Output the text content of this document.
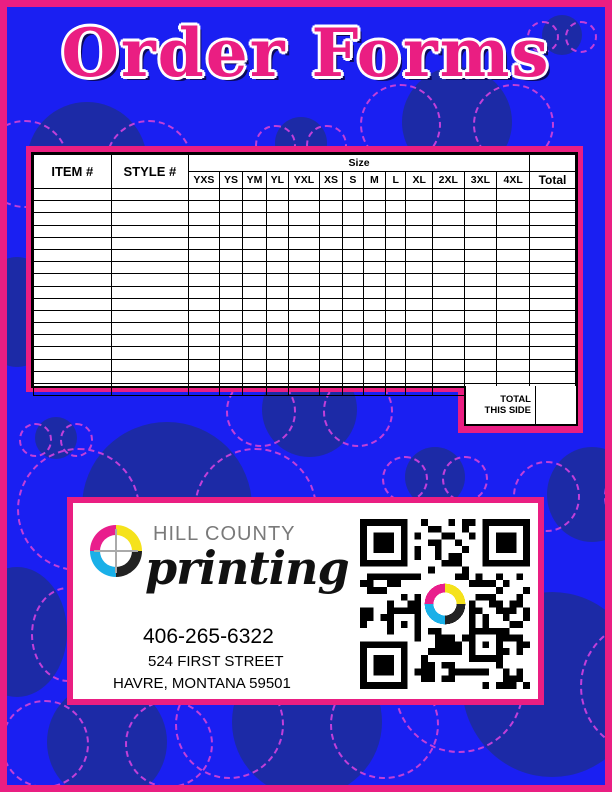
Order Forms
ITEM #	STYLE #	Size													
		YXS	YS	YM	YL	YXL	XS	S	M	L	XL	2XL	3XL	4XL	Total

TOTAL
THIS SIDE
HILL COUNTY
printing
406-265-6322
524 FIRST STREET
HAVRE, MONTANA 59501
